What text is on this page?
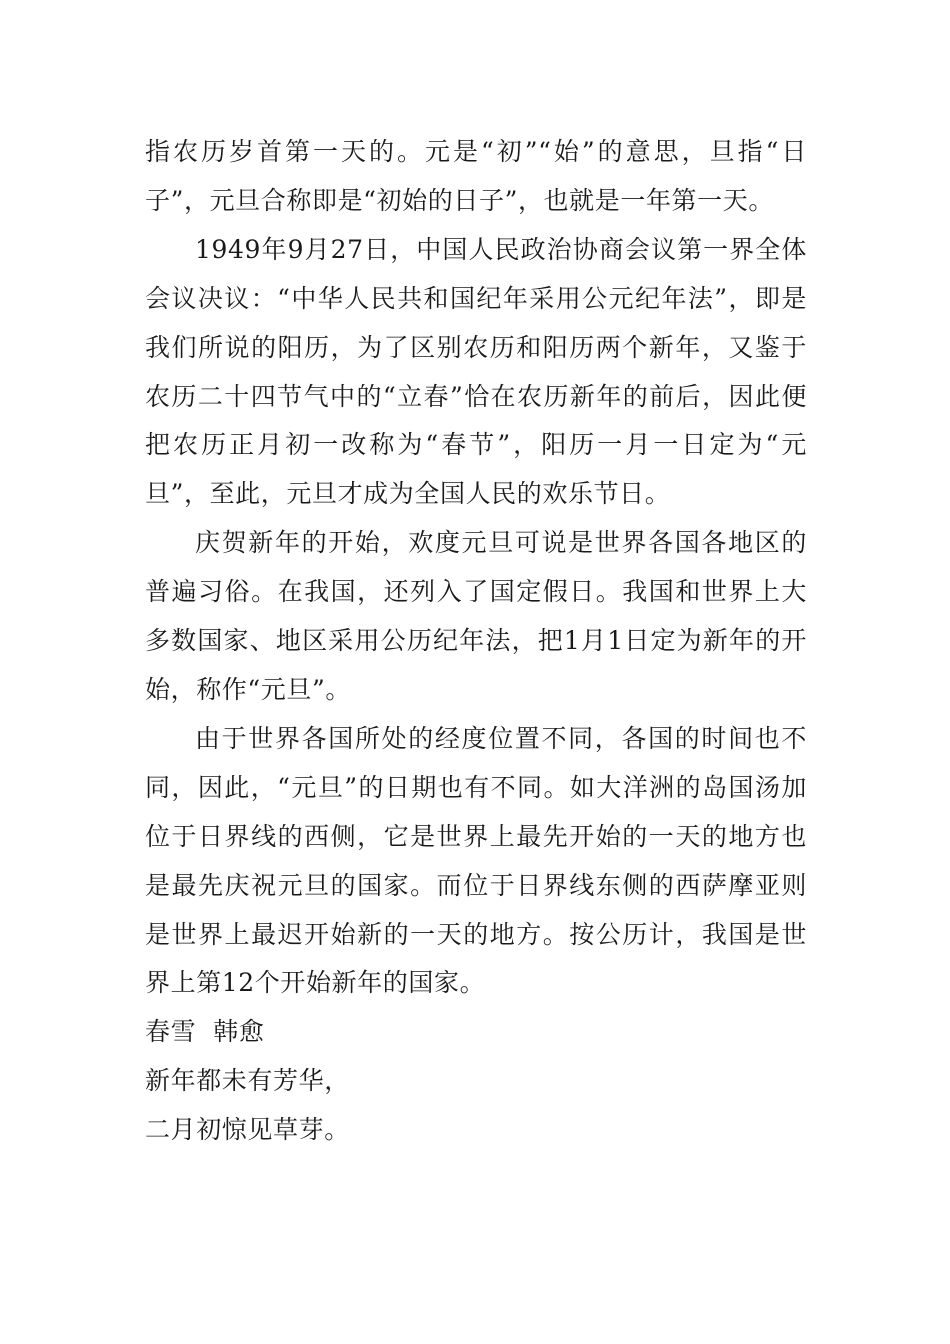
指农历岁首第一天的。元是“初”“始”的意思，旦指“日子”，元旦合称即是“初始的日子”，也就是一年第一天。

1949年9月27日，中国人民政治协商会议第一界全体会议决议：“中华人民共和国纪年采用公元纪年法”，即是我们所说的阳历，为了区别农历和阳历两个新年，又鉴于农历二十四节气中的“立春”恰在农历新年的前后，因此便把农历正月初一改称为“春节”，阳历一月一日定为“元旦”，至此，元旦才成为全国人民的欢乐节日。

庆贺新年的开始，欢度元旦可说是世界各国各地区的普遍习俗。在我国，还列入了国定假日。我国和世界上大多数国家、地区采用公历纪年法，把1月1日定为新年的开始，称作“元旦”。

由于世界各国所处的经度位置不同，各国的时间也不同，因此，“元旦”的日期也有不同。如大洋洲的岛国汤加位于日界线的西侧，它是世界上最先开始的一天的地方也是最先庆祝元旦的国家。而位于日界线东侧的西萨摩亚则是世界上最迟开始新的一天的地方。按公历计，我国是世界上第12个开始新年的国家。

春雪  韩愈

新年都未有芳华，

二月初惊见草芽。
